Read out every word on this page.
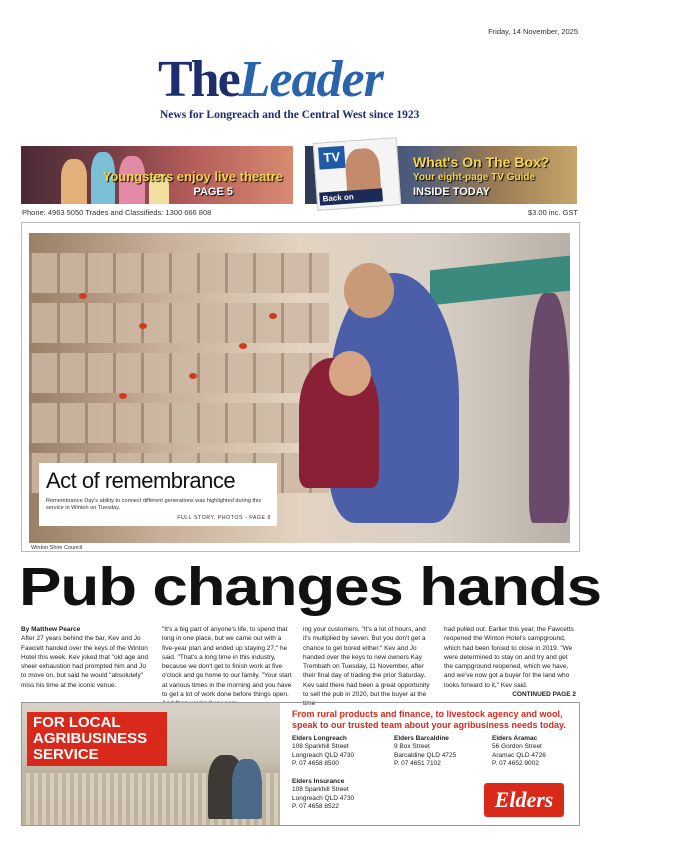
Friday, 14 November, 2025
TheLeader
News for Longreach and the Central West since 1923
Youngsters enjoy live theatre
PAGE 5
TV
Back on
What's On The Box?
Your eight-page TV Guide
INSIDE TODAY
Phone: 4963 5050 Trades and Classifieds: 1300 666 808	$3.00 inc. GST
Act of remembrance
Remembrance Day's ability to connect different generations was highlighted during this service in Winton on Tuesday.
FULL STORY, PHOTOS - PAGE 8
Winton Shire Council
Pub changes hands
By Matthew Pearce
After 27 years behind the bar, Kev and Jo Fawcett handed over the keys of the Winton Hotel this week. Kev joked that "old age and sheer exhaustion had prompted him and Jo to move on, but said he would "absolutely" miss his time at the iconic venue.
"It's a big part of anyone's life, to spend that long in one place, but we came out with a five-year plan and ended up staying 27," he said. "That's a long time in this industry, because we don't get to finish work at five o'clock and go home to our family. "Your start at various times in the morning and you have to get a lot of work done before things open.
ing your customers. "It's a lot of hours, and it's multiplied by seven. But you don't get a chance to get bored either." Kev and Jo handed over the keys to new owners Kay Trembath on Tuesday, 11 November, after their final day of trading the prior Saturday. Kev said there had been a great opportunity to sell the pub in 2020, but the buyer at the time
had pulled out. Earlier this year, the Fawcetts reopened the Winton Hotel's campground, which had been forced to close in 2019. "We were determined to stay on and try and get the campground reopened, which we have, and we've now got a buyer for the land who looks forward to it," Kev said.
CONTINUED PAGE 2
FOR LOCAL AGRIBUSINESS SERVICE
From rural products and finance, to livestock agency and wool, speak to our trusted team about your agribusiness needs today.
Elders Longreach
108 Sparkhill Street
Longreach QLD 4730
P. 07 4658 8500
Elders Barcaldine
9 Box Street
Barcaldine QLD 4725
P. 07 4651 7102
Elders Aramac
56 Gordon Street
Aramac QLD 4726
P. 07 4652 9002
Elders Insurance
108 Sparkhill Street
Longreach QLD 4730
P. 07 4658 8522	Elders
